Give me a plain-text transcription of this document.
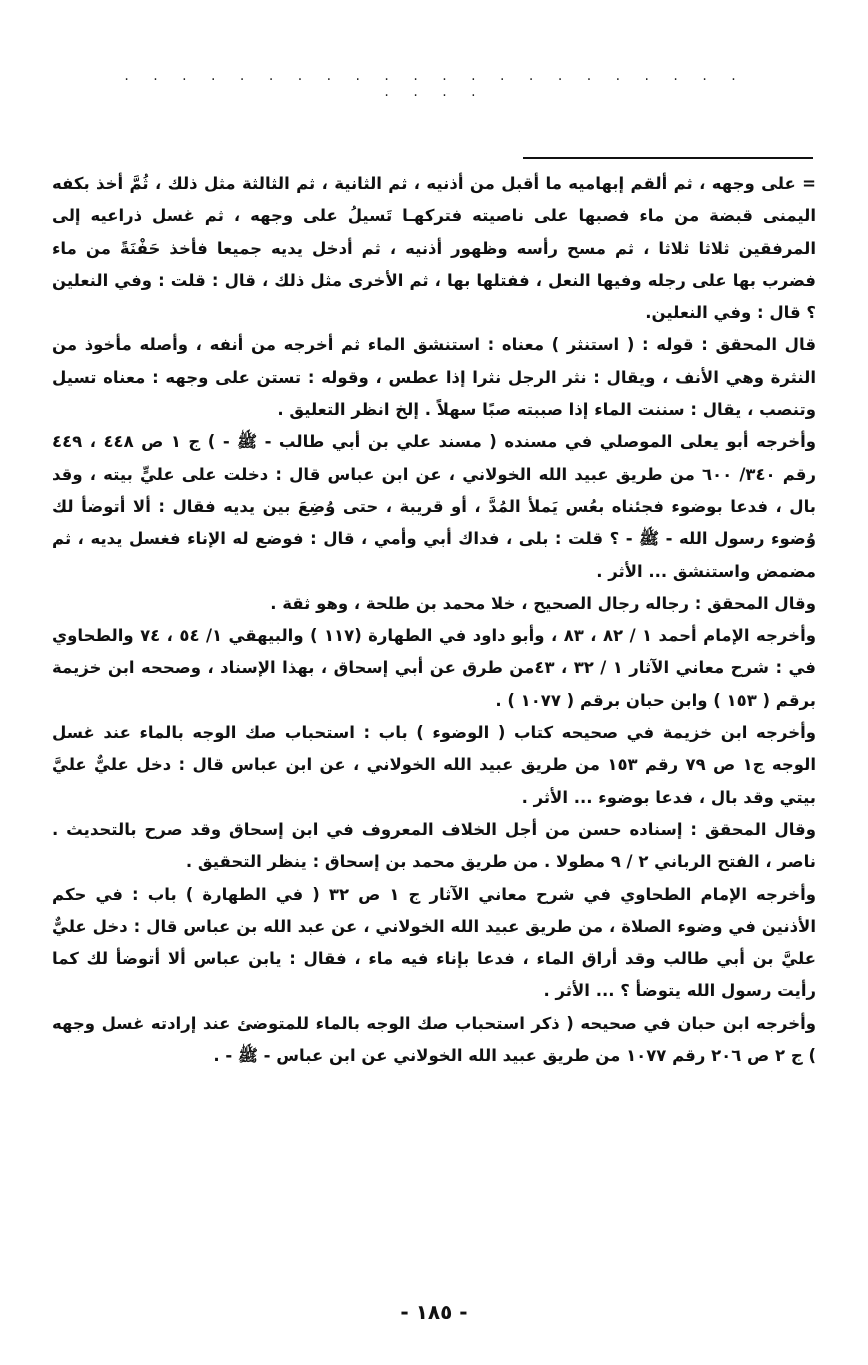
· · · · · · · · · · · · · · · · · · · · · · · · · ·

= على وجهه ، ثم ألقم إبهاميه ما أقبل من أذنيه ، ثم الثانية ، ثم الثالثة مثل ذلك ، ثُمَّ أخذ بكفه اليمنى قبضة من ماء فصبها على ناصيته فتركهـا تَسيلُ على وجهه ، ثم غسل ذراعيه إلى المرفقين ثلاثا ثلاثا ، ثم مسح رأسه وظهور أذنيه ، ثم أدخل يديه جميعا فأخذ حَفْنَةً من ماء فضرب بها على رجله وفيها النعل ، ففتلها بها ، ثم الأخرى مثل ذلك ، قال : قلت : وفي النعلين ؟ قال : وفي النعلين.

قال المحقق : قوله : ( استنثر ) معناه : استنشق الماء ثم أخرجه من أنفه ، وأصله مأخوذ من النثرة وهي الأنف ، ويقال : نثر الرجل نثرا إذا عطس ، وقوله : تستن على وجهه : معناه تسيل وتنصب ، يقال : سننت الماء إذا صببته صبًا سهلاً . إلخ انظر التعليق .

وأخرجه أبو يعلى الموصلي في مسنده ( مسند علي بن أبي طالب - ﷺ - ) ج ١ ص ٤٤٨ ، ٤٤٩ رقم ٣٤٠/ ٦٠٠ من طريق عبيد الله الخولاني ، عن ابن عباس قال : دخلت على عليٍّ بيته ، وقد بال ، فدعا بوضوء فجئناه بعُس يَملأ المُدَّ ، أو قريبة ، حتى وُضِعَ بين يديه فقال : ألا أتوضأ لك وُضوء رسول الله - ﷺ - ؟ قلت : بلى ، فداك أبي وأمي ، قال : فوضع له الإناء فغسل يديه ، ثم مضمض واستنشق ... الأثر .

وقال المحقق : رجاله رجال الصحيح ، خلا محمد بن طلحة ، وهو ثقة .

وأخرجه الإمام أحمد ١ / ٨٢ ، ٨٣ ، وأبو داود في الطهارة (١١٧ ) والبيهقي ١/ ٥٤ ، ٧٤ والطحاوي في : شرح معاني الآثار ١ / ٣٢ ، ٤٣من طرق عن أبي إسحاق ، بهذا الإسناد ، وصححه ابن خزيمة برقم ( ١٥٣ ) وابن حبان برقم ( ١٠٧٧ ) .

وأخرجه ابن خزيمة في صحيحه كتاب ( الوضوء ) باب : استحباب صك الوجه بالماء عند غسل الوجه ج١ ص ٧٩ رقم ١٥٣ من طريق عبيد الله الخولاني ، عن ابن عباس قال : دخل عليٌّ عليَّ بيتي وقد بال ، فدعا بوضوء ... الأثر .

وقال المحقق : إسناده حسن من أجل الخلاف المعروف في ابن إسحاق وقد صرح بالتحديث . ناصر ، الفتح الرباني ٢ / ٩ مطولا . من طريق محمد بن إسحاق : ينظر التحقيق .

وأخرجه الإمام الطحاوي في شرح معاني الآثار ج ١ ص ٣٢ ( في الطهارة ) باب : في حكم الأذنين في وضوء الصلاة ، من طريق عبيد الله الخولاني ، عن عبد الله بن عباس قال : دخل عليٌّ عليَّ بن أبي طالب وقد أراق الماء ، فدعا بإناء فيه ماء ، فقال : يابن عباس ألا أتوضأ لك كما رأيت رسول الله يتوضأ ؟ ... الأثر .

وأخرجه ابن حبان في صحيحه ( ذكر استحباب صك الوجه بالماء للمتوضئ عند إرادته غسل وجهه ) ج ٢ ص ٢٠٦ رقم ١٠٧٧ من طريق عبيد الله الخولاني عن ابن عباس - ﷺ - .

- ١٨٥ -
